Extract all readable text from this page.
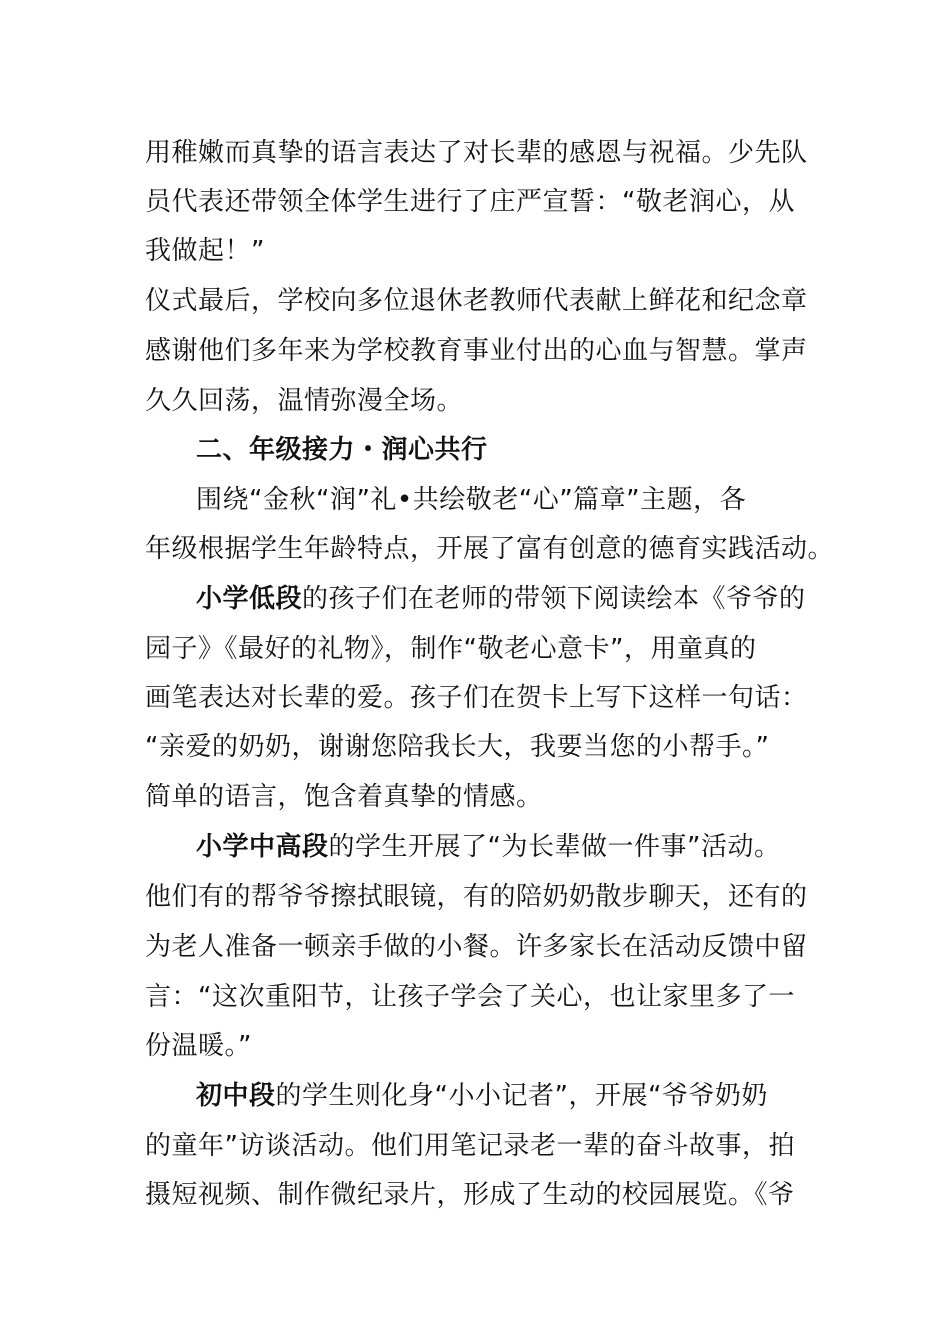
用稚嫩而真挚的语言表达了对长辈的感恩与祝福。少先队
员代表还带领全体学生进行了庄严宣誓：“敬老润心，从
我做起！”
仪式最后，学校向多位退休老教师代表献上鲜花和纪念章
感谢他们多年来为学校教育事业付出的心血与智慧。掌声
久久回荡，温情弥漫全场。
二、年级接力・润心共行
围绕“金秋“润”礼•共绘敬老“心”篇章”主题，各
年级根据学生年龄特点，开展了富有创意的德育实践活动。
小学低段的孩子们在老师的带领下阅读绘本《爷爷的
园子》《最好的礼物》，制作“敬老心意卡”，用童真的
画笔表达对长辈的爱。孩子们在贺卡上写下这样一句话：
“亲爱的奶奶，谢谢您陪我长大，我要当您的小帮手。”
简单的语言，饱含着真挚的情感。
小学中高段的学生开展了“为长辈做一件事”活动。
他们有的帮爷爷擦拭眼镜，有的陪奶奶散步聊天，还有的
为老人准备一顿亲手做的小餐。许多家长在活动反馈中留
言：“这次重阳节，让孩子学会了关心，也让家里多了一
份温暖。”
初中段的学生则化身“小小记者”，开展“爷爷奶奶
的童年”访谈活动。他们用笔记录老一辈的奋斗故事，拍
摄短视频、制作微纪录片，形成了生动的校园展览。《爷
